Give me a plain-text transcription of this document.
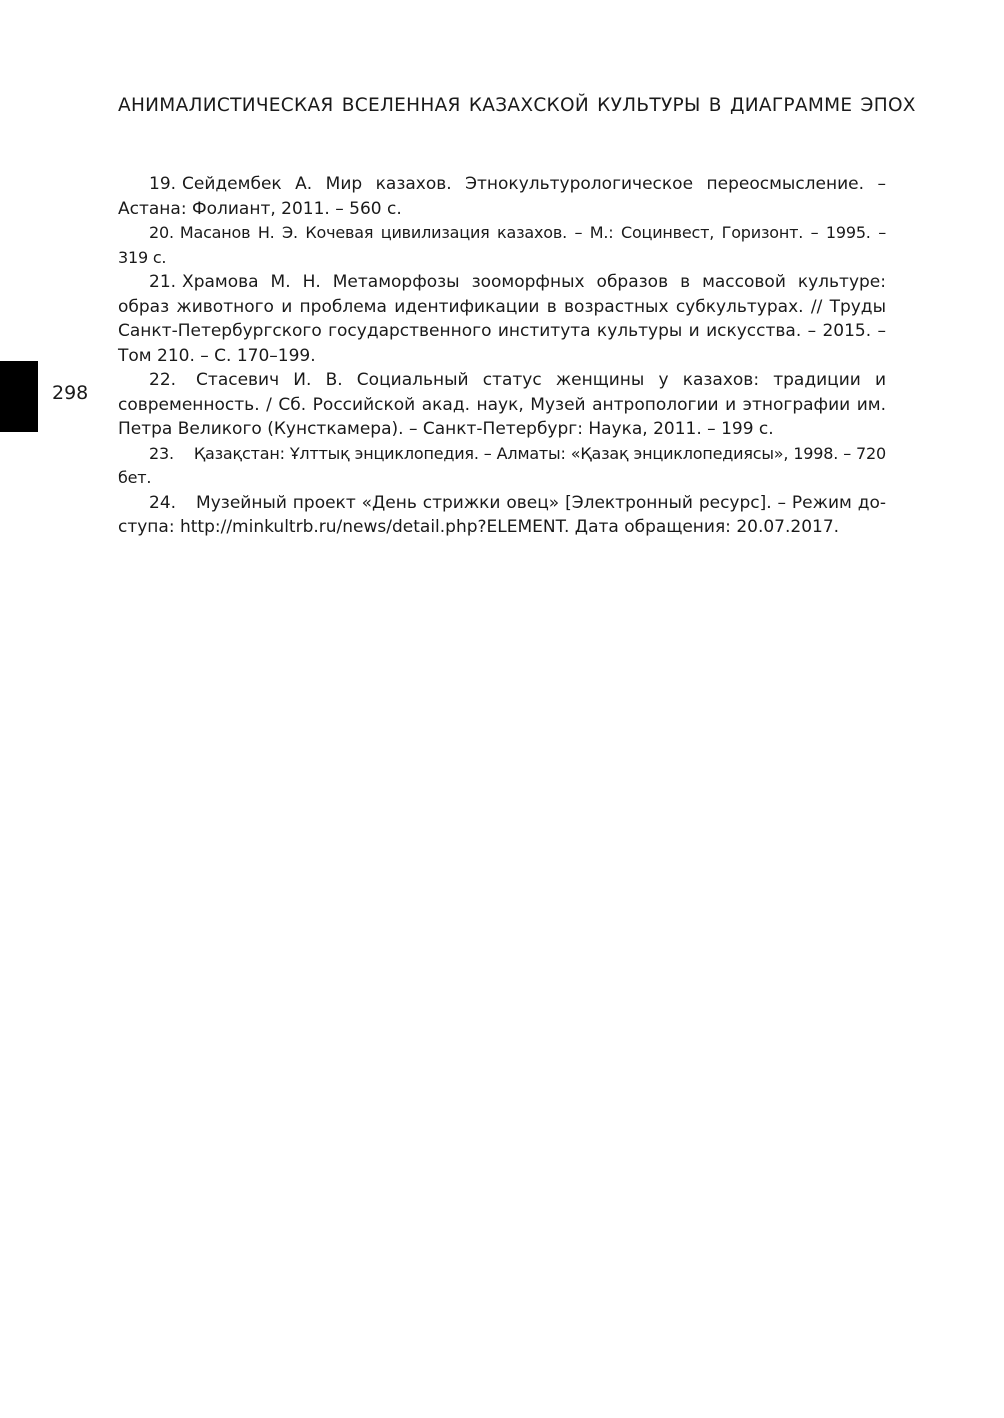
АНИМАЛИСТИЧЕСКАЯ ВСЕЛЕННАЯ КАЗАХСКОЙ КУЛЬТУРЫ В ДИАГРАММЕ ЭПОХ
298

19. Сейдембек А. Мир казахов. Этнокультурологическое переосмысление. – Астана: Фолиант, 2011. – 560 с.

20. Масанов Н. Э. Кочевая цивилизация казахов. – М.: Социнвест, Горизонт. – 1995. – 319 с.

21. Храмова М. Н. Метаморфозы зооморфных образов в массовой культуре: образ животного и проблема идентификации в возрастных субкультурах. // Труды Санкт-Петербургского государственного института культуры и искусства. – 2015. – Том 210. – С. 170–199.

22. Стасевич И. В. Социальный статус женщины у казахов: традиции и современность. / Сб. Российской акад. наук, Музей антропологии и этнографии им. Петра Великого (Кунсткамера). – Санкт-Петербург: Наука, 2011. – 199 с.

23. Қазақстан: Ұлттық энциклопедия. – Алматы: «Қазақ энциклопедиясы», 1998. – 720 бет.

24. Музейный проект «День стрижки овец» [Электронный ресурс]. – Режим доступа: http://minkultrb.ru/news/detail.php?ELEMENT. Дата обращения: 20.07.2017.
